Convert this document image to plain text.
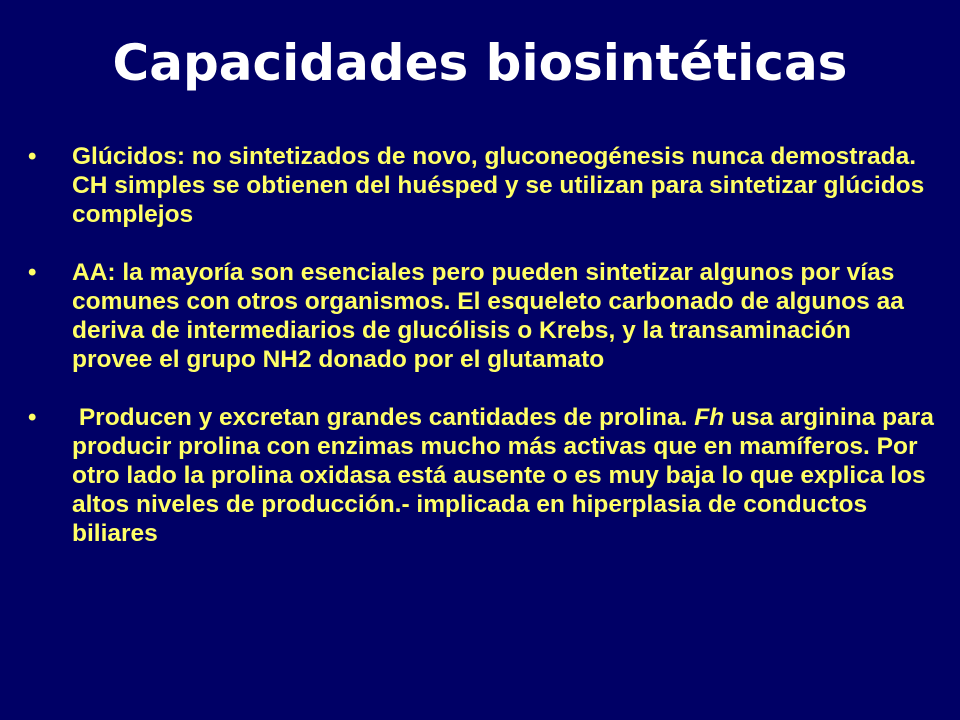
Capacidades biosintéticas
• Glúcidos: no sintetizados de novo, gluconeogénesis nunca demostrada. CH simples se obtienen del huésped y se utilizan para sintetizar glúcidos complejos
• AA: la mayoría son esenciales pero pueden sintetizar algunos por vías comunes con otros organismos. El esqueleto carbonado de algunos aa deriva de intermediarios de glucólisis o Krebs, y la transaminación provee el grupo NH2 donado por el glutamato
• Producen y excretan grandes cantidades de prolina. Fh usa arginina para producir prolina con enzimas mucho más activas que en mamíferos. Por otro lado la prolina oxidasa está ausente o es muy baja lo que explica los altos niveles de producción.- implicada en hiperplasia de conductos biliares
